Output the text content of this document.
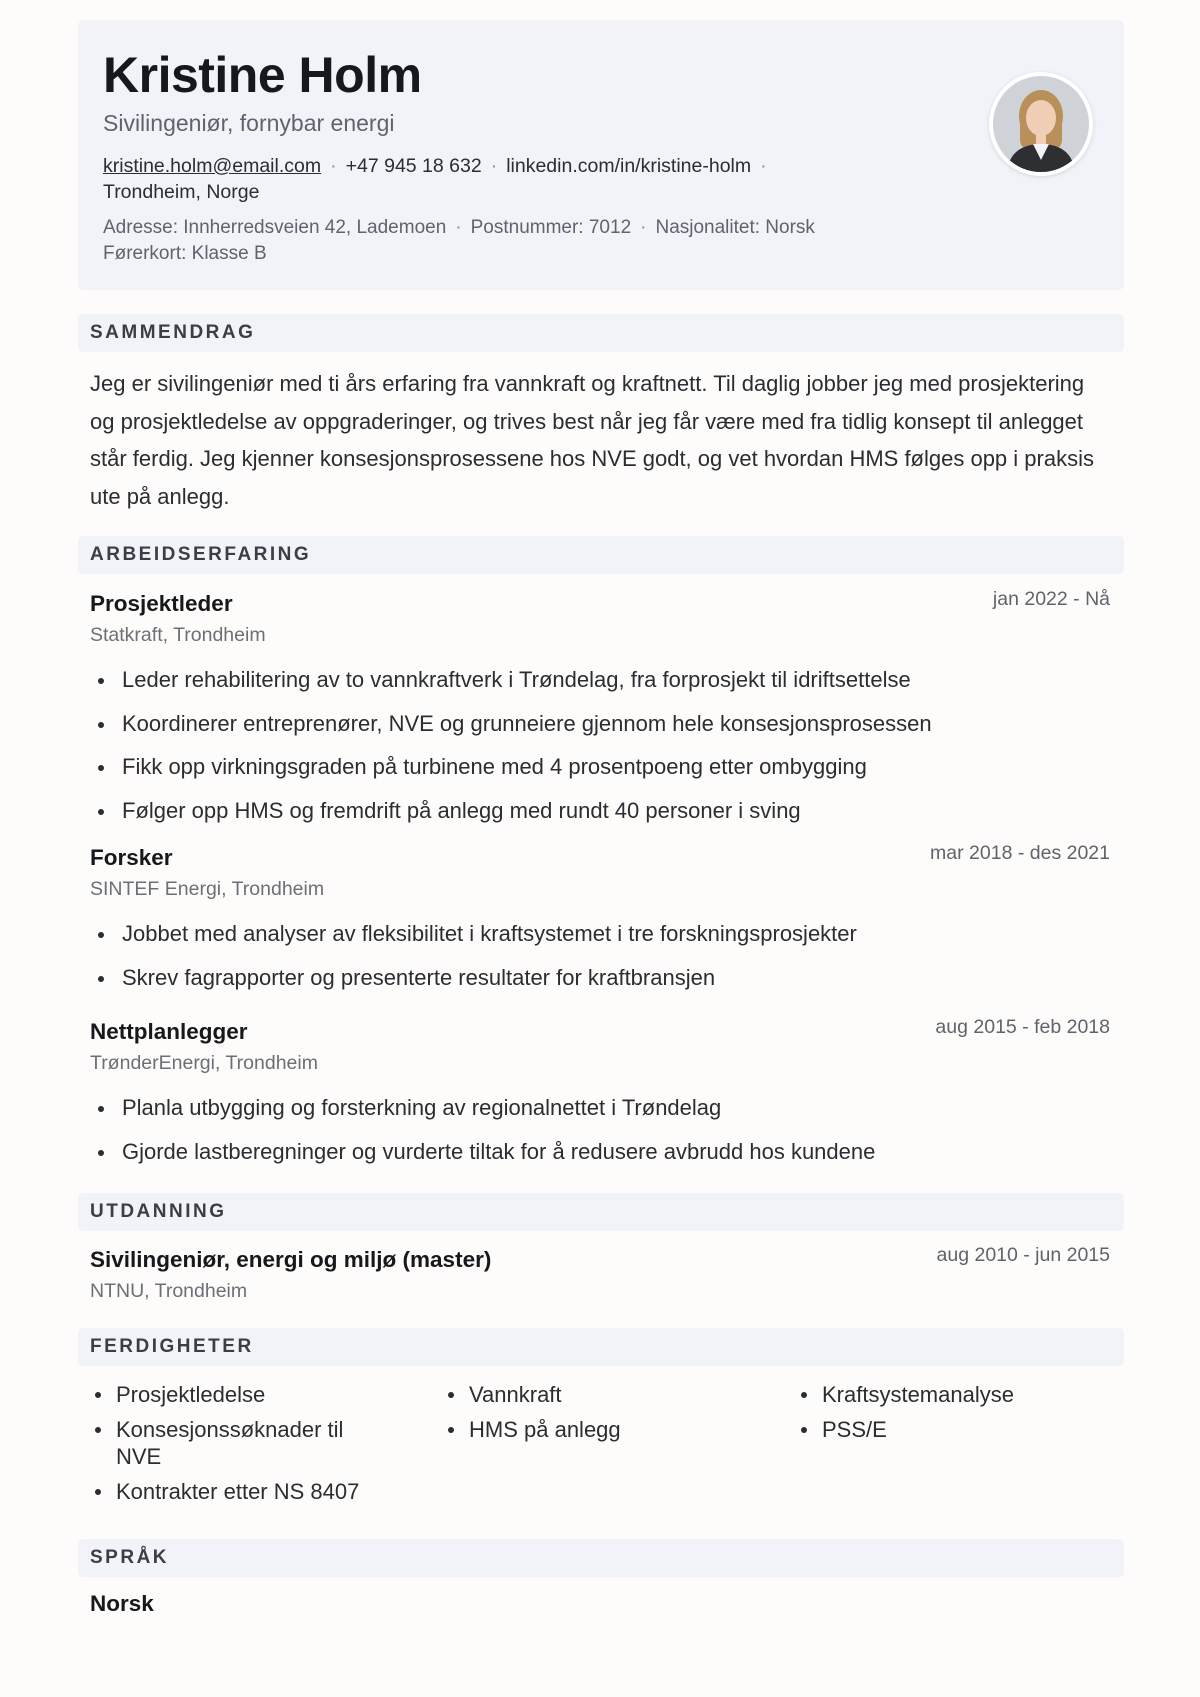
Kristine Holm
Sivilingeniør, fornybar energi
kristine.holm@email.com · +47 945 18 632 · linkedin.com/in/kristine-holm ·
Trondheim, Norge
Adresse: Innherredsveien 42, Lademoen · Postnummer: 7012 · Nasjonalitet: Norsk
Førerkort: Klasse B
SAMMENDRAG
Jeg er sivilingeniør med ti års erfaring fra vannkraft og kraftnett. Til daglig jobber jeg med prosjektering og prosjektledelse av oppgraderinger, og trives best når jeg får være med fra tidlig konsept til anlegget står ferdig. Jeg kjenner konsesjonsprosessene hos NVE godt, og vet hvordan HMS følges opp i praksis ute på anlegg.
ARBEIDSERFARING
Prosjektleder	jan 2022 - Nå
Statkraft, Trondheim
Leder rehabilitering av to vannkraftverk i Trøndelag, fra forprosjekt til idriftsettelse
Koordinerer entreprenører, NVE og grunneiere gjennom hele konsesjonsprosessen
Fikk opp virkningsgraden på turbinene med 4 prosentpoeng etter ombygging
Følger opp HMS og fremdrift på anlegg med rundt 40 personer i sving
Forsker	mar 2018 - des 2021
SINTEF Energi, Trondheim
Jobbet med analyser av fleksibilitet i kraftsystemet i tre forskningsprosjekter
Skrev fagrapporter og presenterte resultater for kraftbransjen
Nettplanlegger	aug 2015 - feb 2018
TrønderEnergi, Trondheim
Planla utbygging og forsterkning av regionalnettet i Trøndelag
Gjorde lastberegninger og vurderte tiltak for å redusere avbrudd hos kundene
UTDANNING
Sivilingeniør, energi og miljø (master)	aug 2010 - jun 2015
NTNU, Trondheim
FERDIGHETER
Prosjektledelse
Konsesjonssøknader til NVE
Kontrakter etter NS 8407
Vannkraft
HMS på anlegg
Kraftsystemanalyse
PSS/E
SPRÅK
Norsk
